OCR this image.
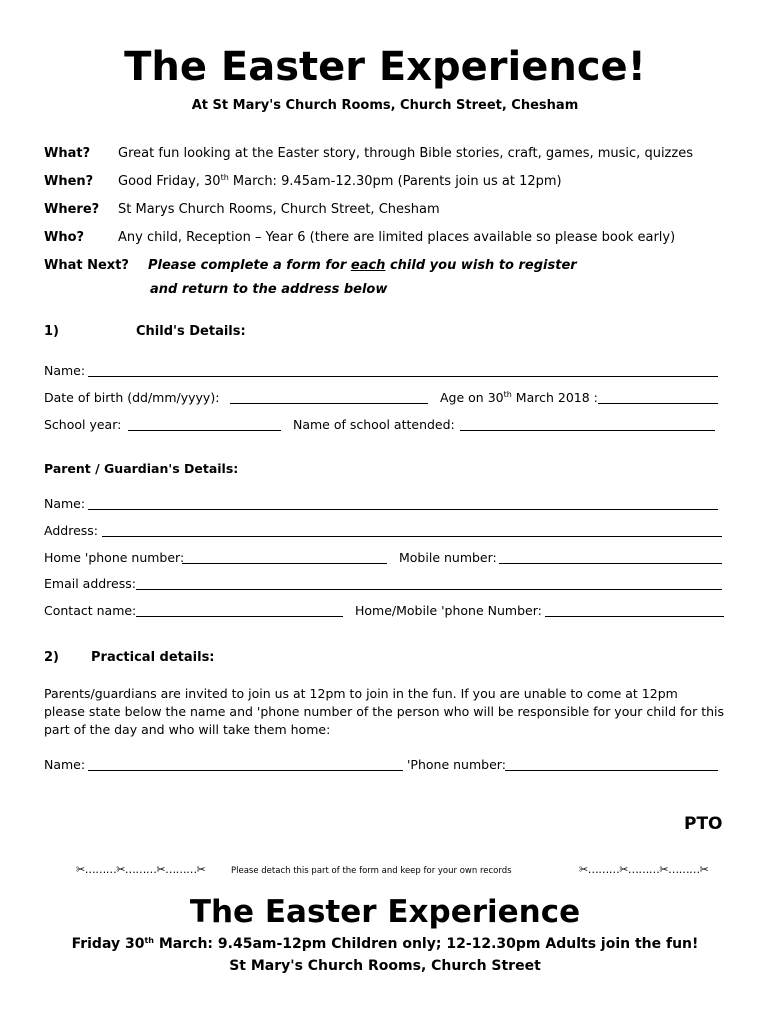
The Easter Experience!
At St Mary's Church Rooms, Church Street, Chesham
What? Great fun looking at the Easter story, through Bible stories, craft, games, music, quizzes
When? Good Friday, 30th March: 9.45am-12.30pm (Parents join us at 12pm)
Where? St Marys Church Rooms, Church Street, Chesham
Who?	Any child, Reception – Year 6 (there are limited places available so please book early)
What Next? Please complete a form for each child you wish to register
and return to the address below
1)	Child's Details:
Name:
Date of birth (dd/mm/yyyy):	Age on 30th March 2018 :
School year:	Name of school attended:
Parent / Guardian's Details:
Name:
Address:
Home 'phone number:	Mobile number:
Email address:
Contact name:	Home/Mobile 'phone Number:
2) Practical details:
Parents/guardians are invited to join us at 12pm to join in the fun. If you are unable to come at 12pm
please state below the name and 'phone number of the person who will be responsible for your child for this
part of the day and who will take them home:
Name:	'Phone number:
PTO
✂………✂………✂………✂	Please detach this part of the form and keep for your own records	✂………✂………✂………✂
The Easter Experience
Friday 30th March: 9.45am-12pm Children only; 12-12.30pm Adults join the fun!
St Mary's Church Rooms, Church Street
